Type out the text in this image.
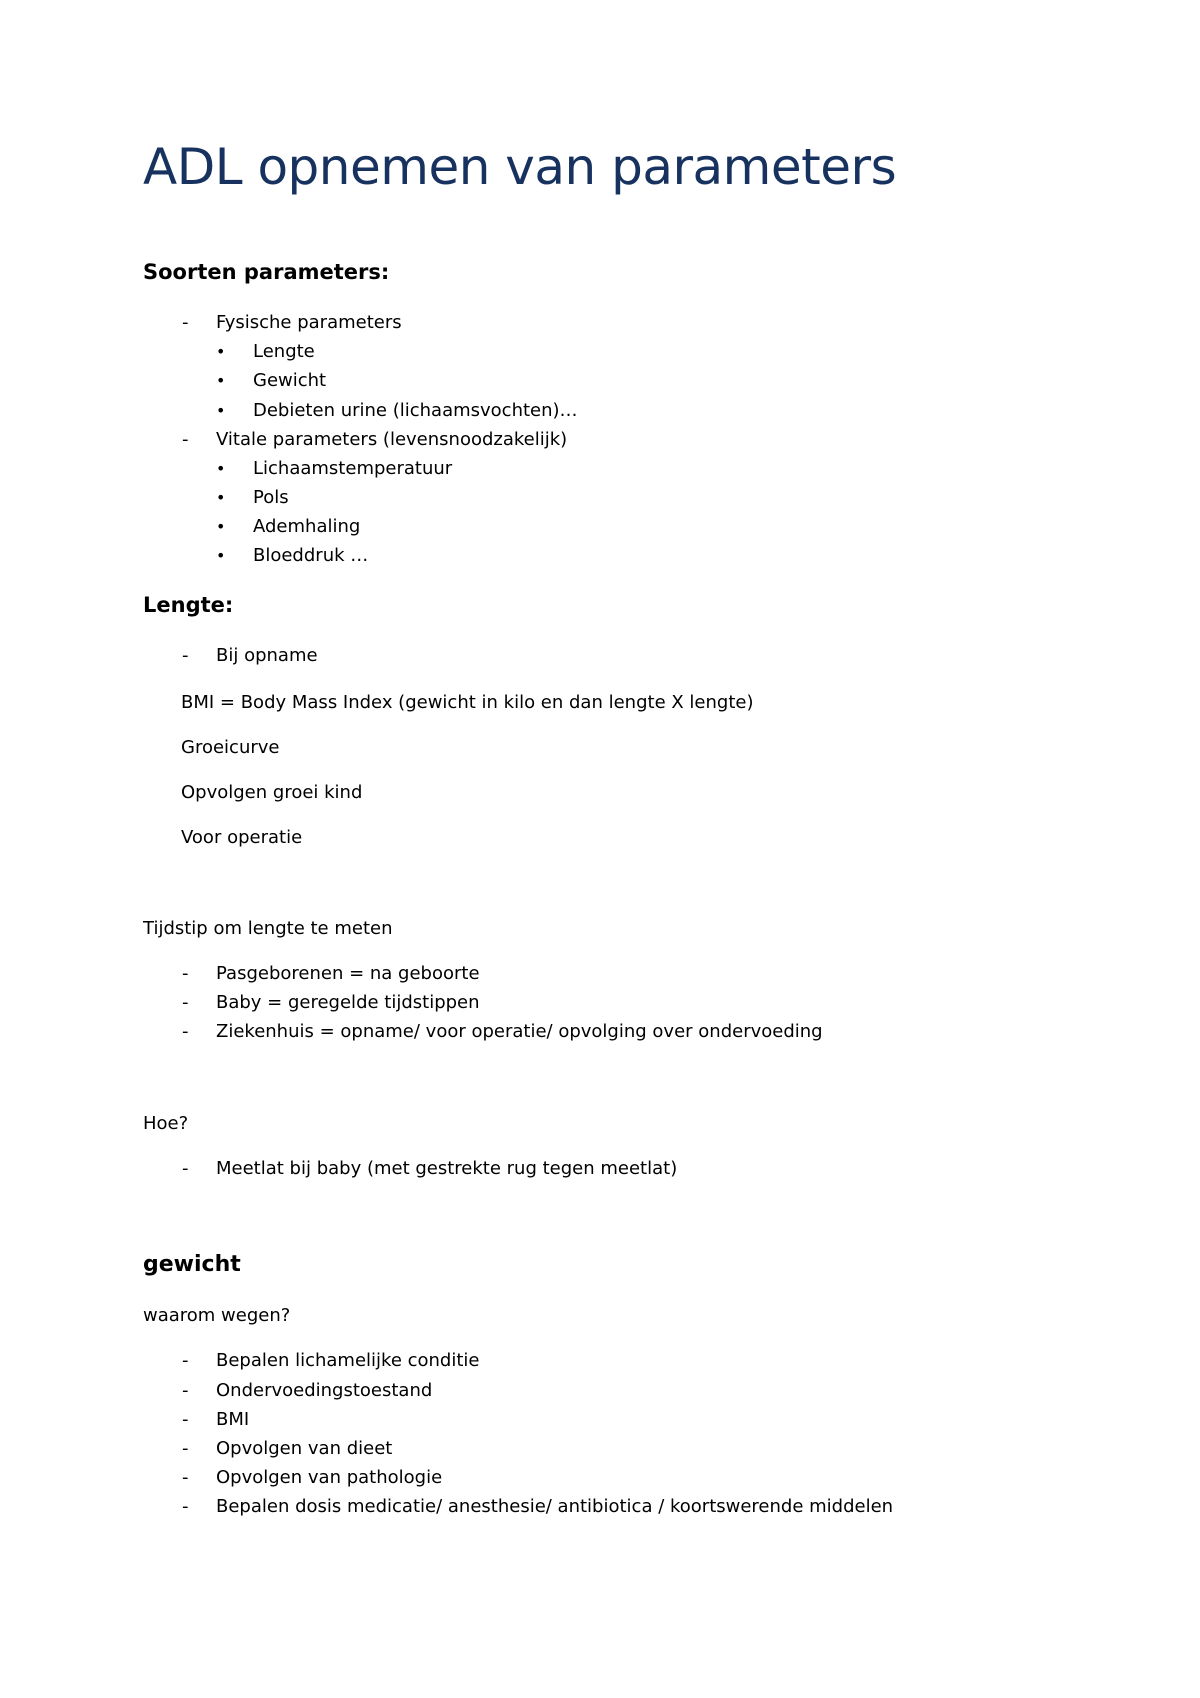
ADL opnemen van parameters
Soorten parameters:
- Fysische parameters
• Lengte
• Gewicht
• Debieten urine (lichaamsvochten)…
- Vitale parameters (levensnoodzakelijk)
• Lichaamstemperatuur
• Pols
• Ademhaling
• Bloeddruk …
Lengte:
- Bij opname
BMI = Body Mass Index (gewicht in kilo en dan lengte X lengte)
Groeicurve
Opvolgen groei kind
Voor operatie
Tijdstip om lengte te meten
- Pasgeborenen = na geboorte
- Baby = geregelde tijdstippen
- Ziekenhuis = opname/ voor operatie/ opvolging over ondervoeding
Hoe?
- Meetlat bij baby (met gestrekte rug tegen meetlat)
gewicht
waarom wegen?
- Bepalen lichamelijke conditie
- Ondervoedingstoestand
- BMI
- Opvolgen van dieet
- Opvolgen van pathologie
- Bepalen dosis medicatie/ anesthesie/ antibiotica / koortswerende middelen
